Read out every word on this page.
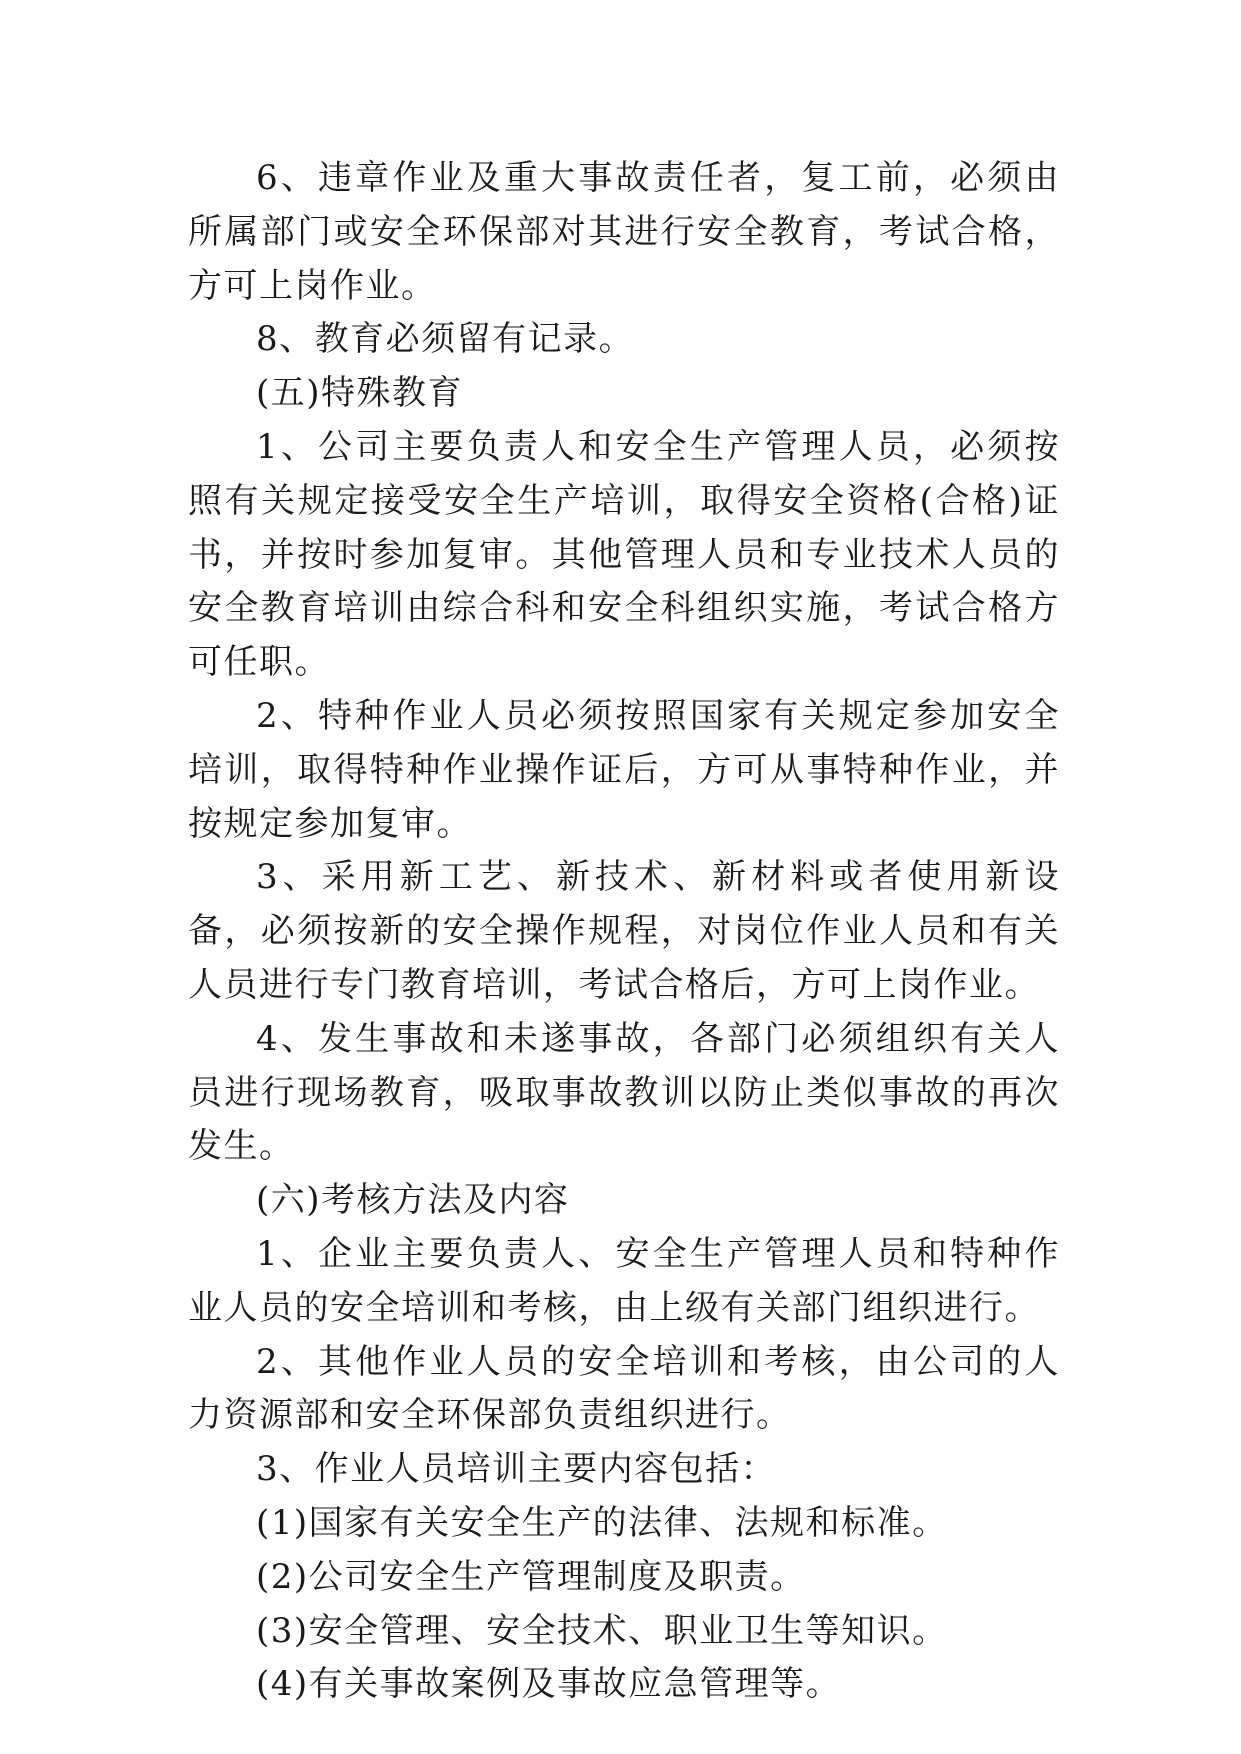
6、违章作业及重大事故责任者，复工前，必须由所属部门或安全环保部对其进行安全教育，考试合格，方可上岗作业。

8、教育必须留有记录。

(五)特殊教育

1、公司主要负责人和安全生产管理人员，必须按照有关规定接受安全生产培训，取得安全资格(合格)证书，并按时参加复审。其他管理人员和专业技术人员的安全教育培训由综合科和安全科组织实施，考试合格方可任职。

2、特种作业人员必须按照国家有关规定参加安全培训，取得特种作业操作证后，方可从事特种作业，并按规定参加复审。

3、采用新工艺、新技术、新材料或者使用新设备，必须按新的安全操作规程，对岗位作业人员和有关人员进行专门教育培训，考试合格后，方可上岗作业。

4、发生事故和未遂事故，各部门必须组织有关人员进行现场教育，吸取事故教训以防止类似事故的再次发生。

(六)考核方法及内容

1、企业主要负责人、安全生产管理人员和特种作业人员的安全培训和考核，由上级有关部门组织进行。

2、其他作业人员的安全培训和考核，由公司的人力资源部和安全环保部负责组织进行。

3、作业人员培训主要内容包括：

(1)国家有关安全生产的法律、法规和标准。

(2)公司安全生产管理制度及职责。

(3)安全管理、安全技术、职业卫生等知识。

(4)有关事故案例及事故应急管理等。
